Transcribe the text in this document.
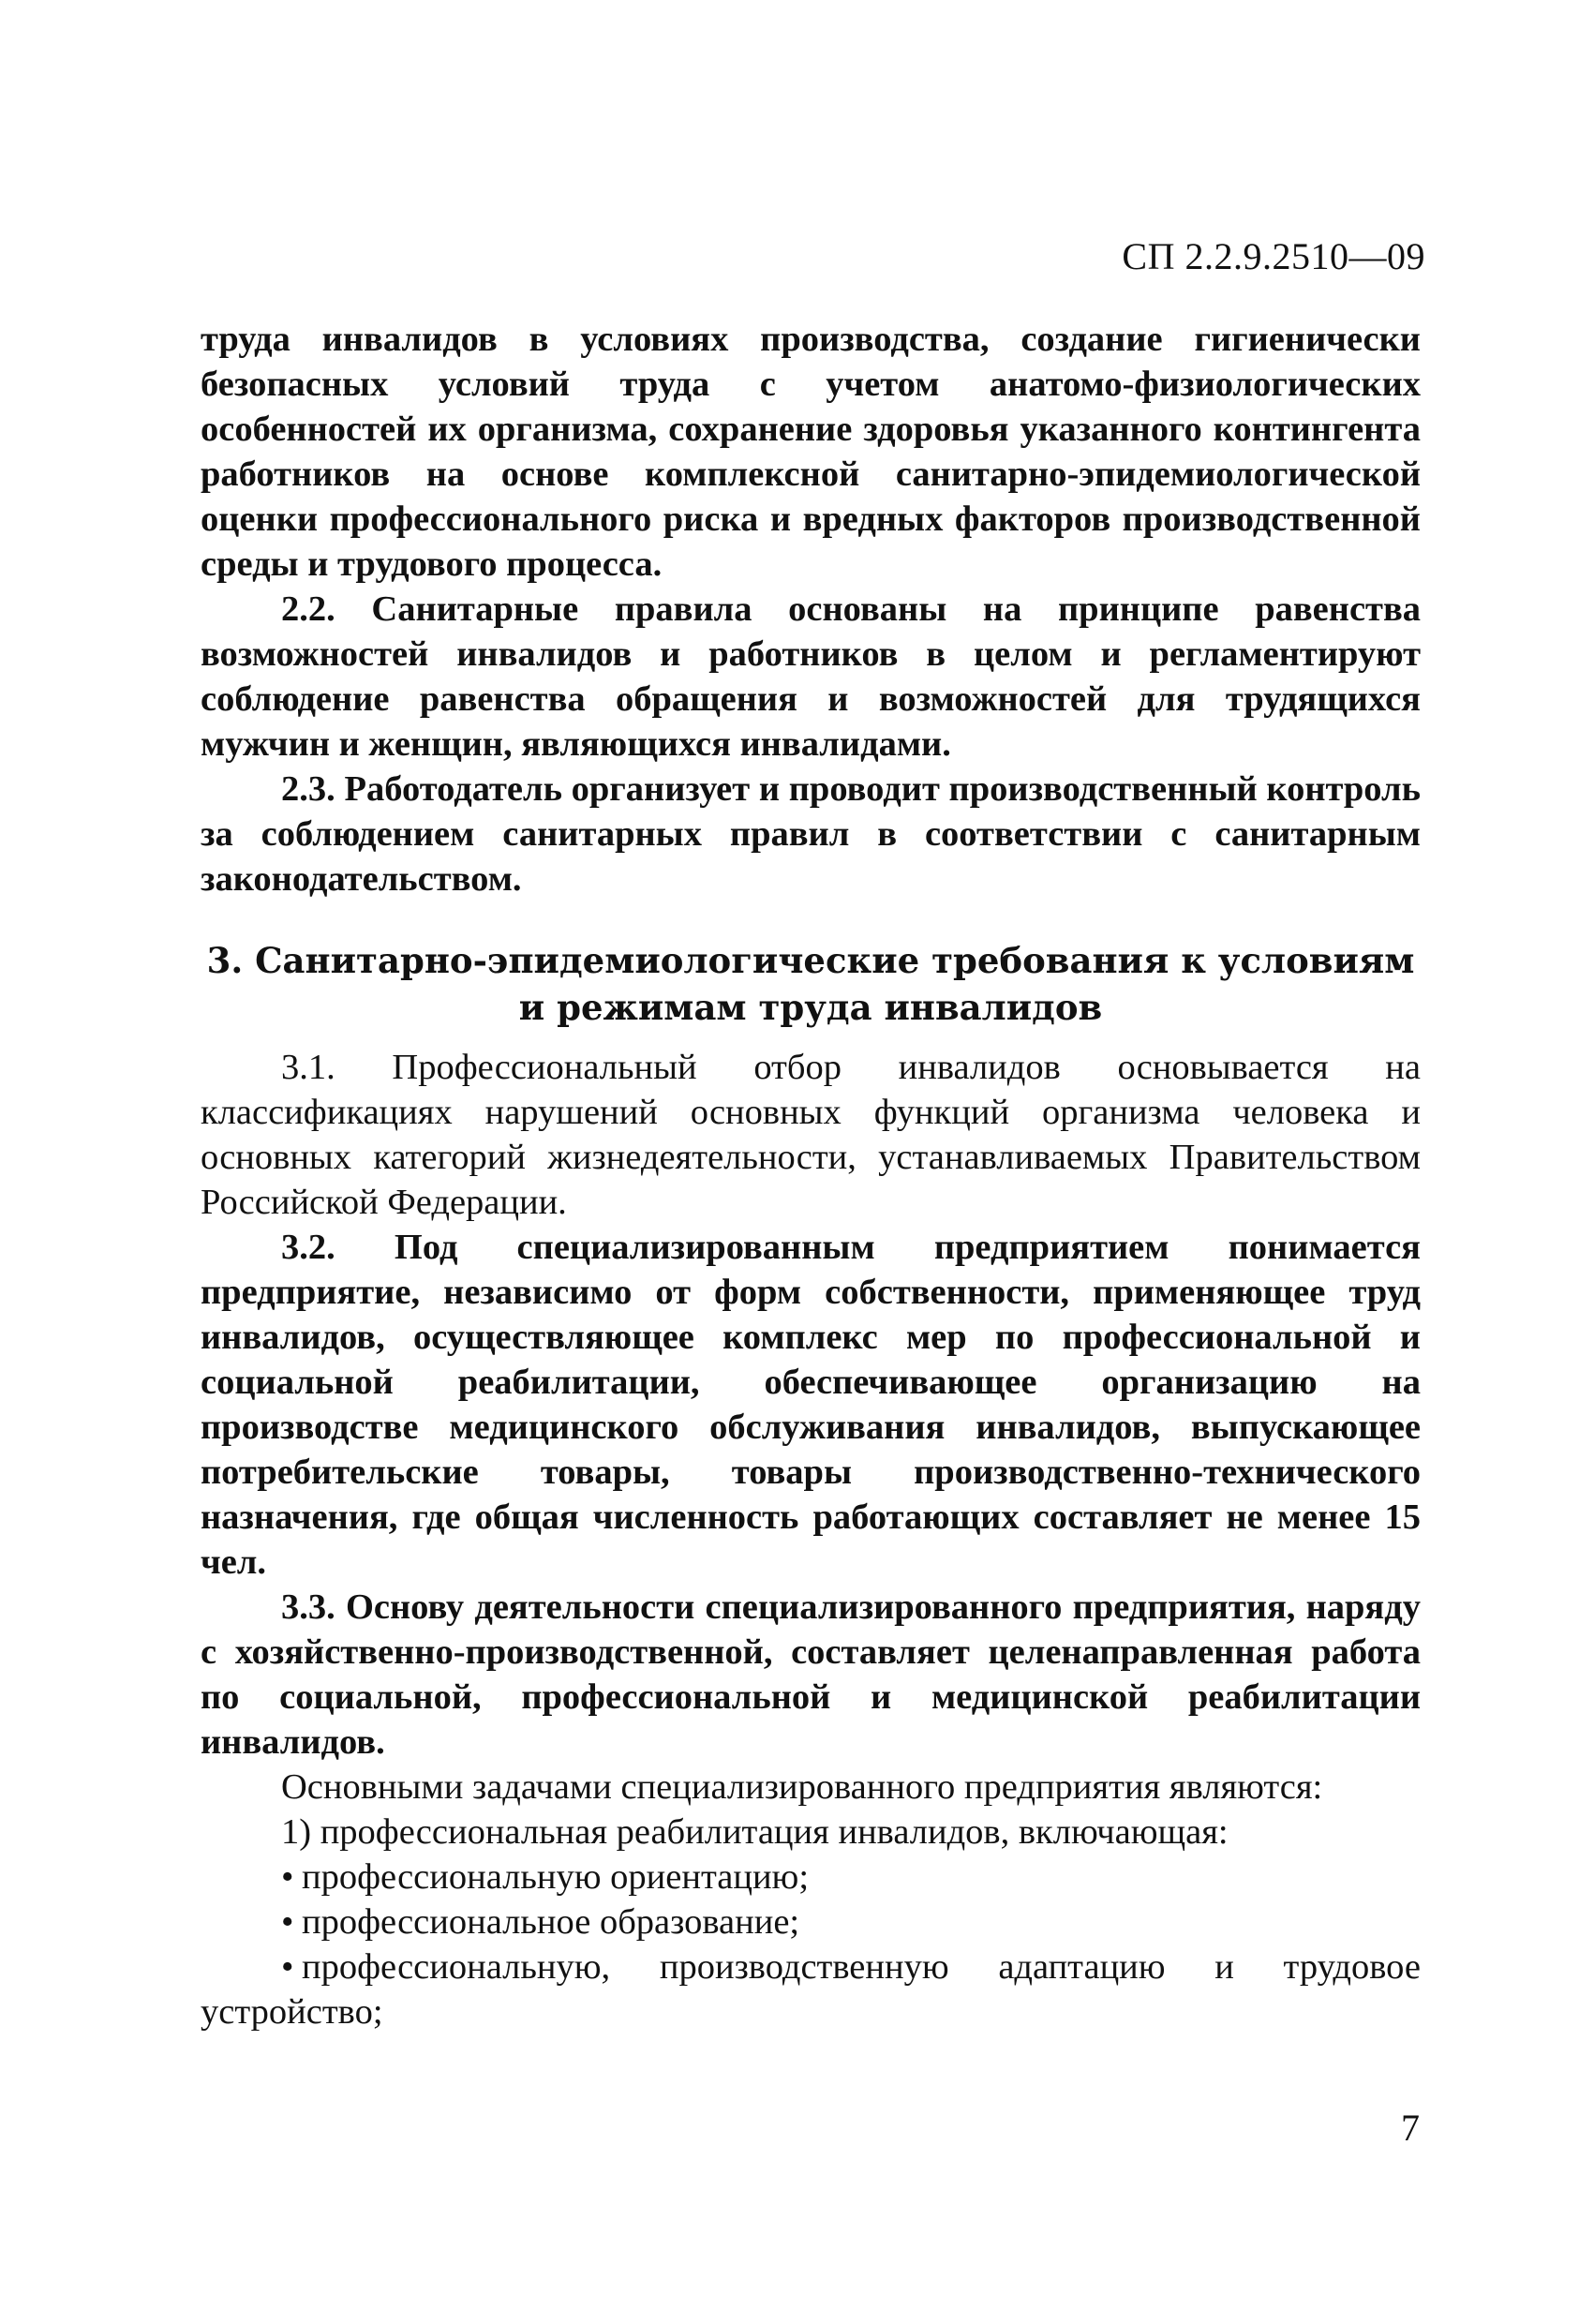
СП 2.2.9.2510—09

труда инвалидов в условиях производства, создание гигиенически безопасных условий труда с учетом анатомо-физиологических особенностей их организма, сохранение здоровья указанного контингента работников на основе комплексной санитарно-эпидемиологической оценки профессионального риска и вредных факторов производственной среды и трудового процесса.

2.2. Санитарные правила основаны на принципе равенства возможностей инвалидов и работников в целом и регламентируют соблюдение равенства обращения и возможностей для трудящихся мужчин и женщин, являющихся инвалидами.

2.3. Работодатель организует и проводит производственный контроль за соблюдением санитарных правил в соответствии с санитарным законодательством.

3. Санитарно-эпидемиологические требования к условиям
и режимам труда инвалидов

3.1. Профессиональный отбор инвалидов основывается на классификациях нарушений основных функций организма человека и основных категорий жизнедеятельности, устанавливаемых Правительством Российской Федерации.

3.2. Под специализированным предприятием понимается предприятие, независимо от форм собственности, применяющее труд инвалидов, осуществляющее комплекс мер по профессиональной и социальной реабилитации, обеспечивающее организацию на производстве медицинского обслуживания инвалидов, выпускающее потребительские товары, товары производственно-технического назначения, где общая численность работающих составляет не менее 15 чел.

3.3. Основу деятельности специализированного предприятия, наряду с хозяйственно-производственной, составляет целенаправленная работа по социальной, профессиональной и медицинской реабилитации инвалидов.

Основными задачами специализированного предприятия являются:

1) профессиональная реабилитация инвалидов, включающая:

• профессиональную ориентацию;

• профессиональное образование;

• профессиональную, производственную адаптацию и трудовое устройство;

7
